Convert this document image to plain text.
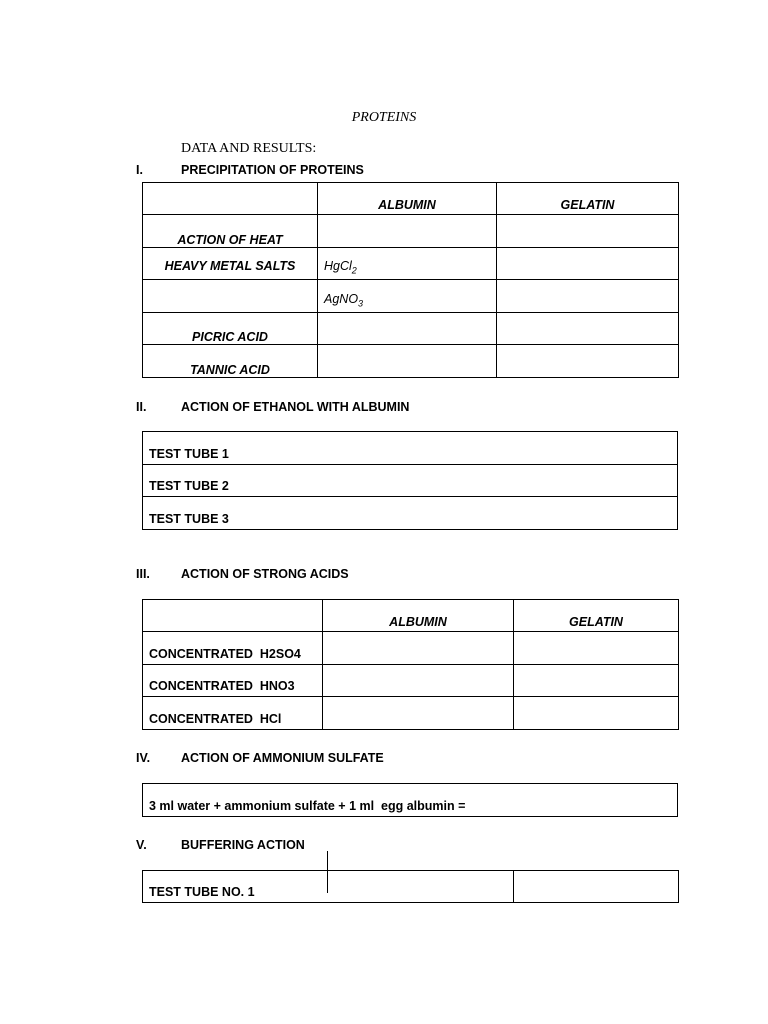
PROTEINS
DATA AND RESULTS:
I.	PRECIPITATION OF PROTEINS
	ALBUMIN	GELATIN
ACTION OF HEAT		
HEAVY METAL SALTS	HgCl$_2$	
	AgNO$_3$	
PICRIC ACID		
TANNIC ACID		
II.	ACTION OF ETHANOL WITH ALBUMIN
TEST TUBE 1
TEST TUBE 2
TEST TUBE 3
III. ACTION OF STRONG ACIDS
	ALBUMIN	GELATIN
CONCENTRATED  H2SO4		
CONCENTRATED  HNO3		
CONCENTRATED  HCl		
IV. ACTION OF AMMONIUM SULFATE
3 ml water + ammonium sulfate + 1 ml  egg albumin =
V.	BUFFERING ACTION
TEST TUBE NO. 1	
